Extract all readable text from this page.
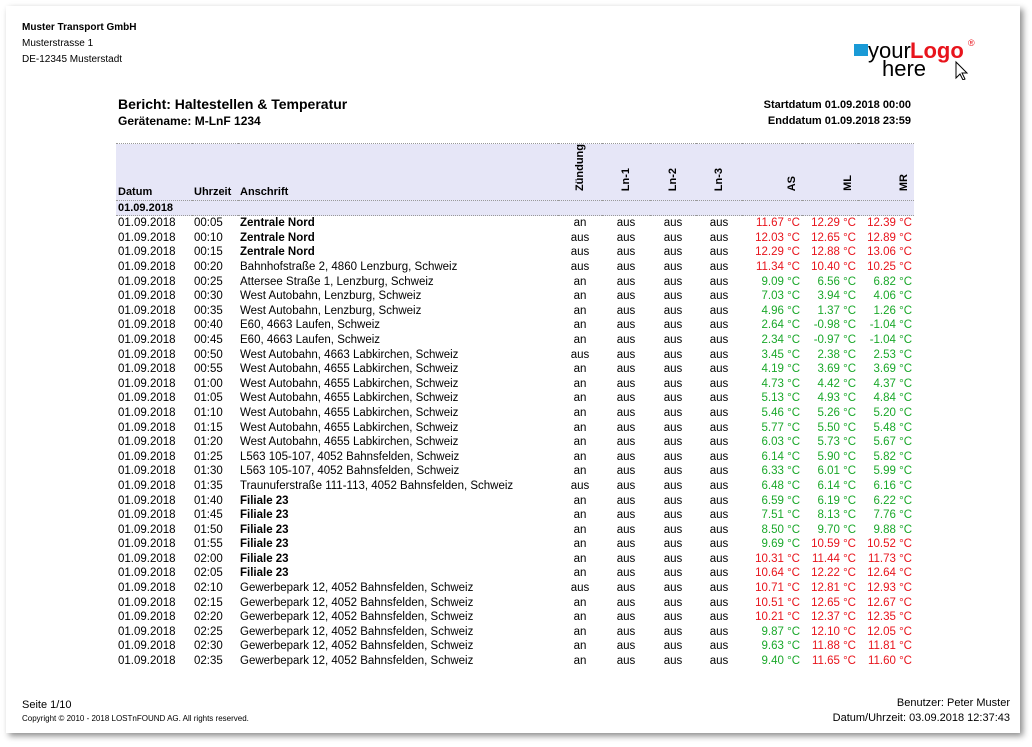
Muster Transport GmbH
Musterstrasse 1
DE-12345 Musterstadt	your Logo ®
here
Bericht: Haltestellen & Temperatur
Gerätename: M-LnF 1234
Startdatum 01.09.2018 00:00
Enddatum 01.09.2018 23:59
Datum	Uhrzeit	Anschrift	Zündung	Ln-1	Ln-2	Ln-3	AS	ML	MR
01.09.2018									
01.09.2018	00:05	Zentrale Nord	an	aus	aus	aus	11.67 °C	12.29 °C	12.39 °C
01.09.2018	00:10	Zentrale Nord	aus	aus	aus	aus	12.03 °C	12.65 °C	12.89 °C
01.09.2018	00:15	Zentrale Nord	aus	aus	aus	aus	12.29 °C	12.88 °C	13.06 °C
01.09.2018	00:20	Bahnhofstraße 2, 4860 Lenzburg, Schweiz	aus	aus	aus	aus	11.34 °C	10.40 °C	10.25 °C
01.09.2018	00:25	Attersee Straße 1, Lenzburg, Schweiz	an	aus	aus	aus	9.09 °C	6.56 °C	6.82 °C
01.09.2018	00:30	West Autobahn, Lenzburg, Schweiz	an	aus	aus	aus	7.03 °C	3.94 °C	4.06 °C
01.09.2018	00:35	West Autobahn, Lenzburg, Schweiz	an	aus	aus	aus	4.96 °C	1.37 °C	1.26 °C
01.09.2018	00:40	E60, 4663 Laufen, Schweiz	an	aus	aus	aus	2.64 °C	-0.98 °C	-1.04 °C
01.09.2018	00:45	E60, 4663 Laufen, Schweiz	an	aus	aus	aus	2.34 °C	-0.97 °C	-1.04 °C
01.09.2018	00:50	West Autobahn, 4663 Labkirchen, Schweiz	aus	aus	aus	aus	3.45 °C	2.38 °C	2.53 °C
01.09.2018	00:55	West Autobahn, 4655 Labkirchen, Schweiz	an	aus	aus	aus	4.19 °C	3.69 °C	3.69 °C
01.09.2018	01:00	West Autobahn, 4655 Labkirchen, Schweiz	an	aus	aus	aus	4.73 °C	4.42 °C	4.37 °C
01.09.2018	01:05	West Autobahn, 4655 Labkirchen, Schweiz	an	aus	aus	aus	5.13 °C	4.93 °C	4.84 °C
01.09.2018	01:10	West Autobahn, 4655 Labkirchen, Schweiz	an	aus	aus	aus	5.46 °C	5.26 °C	5.20 °C
01.09.2018	01:15	West Autobahn, 4655 Labkirchen, Schweiz	an	aus	aus	aus	5.77 °C	5.50 °C	5.48 °C
01.09.2018	01:20	West Autobahn, 4655 Labkirchen, Schweiz	an	aus	aus	aus	6.03 °C	5.73 °C	5.67 °C
01.09.2018	01:25	L563 105-107, 4052 Bahnsfelden, Schweiz	an	aus	aus	aus	6.14 °C	5.90 °C	5.82 °C
01.09.2018	01:30	L563 105-107, 4052 Bahnsfelden, Schweiz	an	aus	aus	aus	6.33 °C	6.01 °C	5.99 °C
01.09.2018	01:35	Traunuferstraße 111-113, 4052 Bahnsfelden, Schweiz	aus	aus	aus	aus	6.48 °C	6.14 °C	6.16 °C
01.09.2018	01:40	Filiale 23	an	aus	aus	aus	6.59 °C	6.19 °C	6.22 °C
01.09.2018	01:45	Filiale 23	an	aus	aus	aus	7.51 °C	8.13 °C	7.76 °C
01.09.2018	01:50	Filiale 23	an	aus	aus	aus	8.50 °C	9.70 °C	9.88 °C
01.09.2018	01:55	Filiale 23	an	aus	aus	aus	9.69 °C	10.59 °C	10.52 °C
01.09.2018	02:00	Filiale 23	an	aus	aus	aus	10.31 °C	11.44 °C	11.73 °C
01.09.2018	02:05	Filiale 23	an	aus	aus	aus	10.64 °C	12.22 °C	12.64 °C
01.09.2018	02:10	Gewerbepark 12, 4052 Bahnsfelden, Schweiz	aus	aus	aus	aus	10.71 °C	12.81 °C	12.93 °C
01.09.2018	02:15	Gewerbepark 12, 4052 Bahnsfelden, Schweiz	an	aus	aus	aus	10.51 °C	12.65 °C	12.67 °C
01.09.2018	02:20	Gewerbepark 12, 4052 Bahnsfelden, Schweiz	an	aus	aus	aus	10.21 °C	12.37 °C	12.35 °C
01.09.2018	02:25	Gewerbepark 12, 4052 Bahnsfelden, Schweiz	an	aus	aus	aus	9.87 °C	12.10 °C	12.05 °C
01.09.2018	02:30	Gewerbepark 12, 4052 Bahnsfelden, Schweiz	an	aus	aus	aus	9.63 °C	11.88 °C	11.81 °C
01.09.2018	02:35	Gewerbepark 12, 4052 Bahnsfelden, Schweiz	an	aus	aus	aus	9.40 °C	11.65 °C	11.60 °C
Seite 1/10
Copyright © 2010 - 2018 LOSTnFOUND AG. All rights reserved.
Benutzer: Peter Muster
Datum/Uhrzeit: 03.09.2018 12:37:43
